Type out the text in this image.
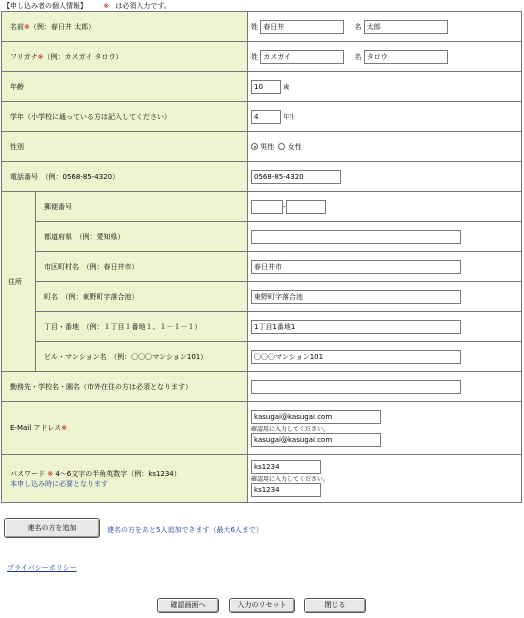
【申し込み者の個人情報】 ※ は必須入力です。
名前※（例：春日井 太郎）		姓 春日井 名 太郎
フリガナ※（例：カスガイ タロウ）		姓 カスガイ 名 タロウ
年齢		10 歳
学年（小学校に通っている方は記入してください）		4 年生
性別		男性 女性
電話番号　（例：0568-85-4320）		0568-85-4320
住所	郵便番号	-
	都道府県　（例：愛知県）	
	市区町村名　（例：春日井市）	春日井市
	町名　（例：東野町字落合池）	東野町字落合池
	丁目・番地　（例：１丁目１番地１、１－１－１）	1丁目1番地1
	ビル・マンション名　（例：〇〇〇マンション101）	〇〇〇マンション101
勤務先・学校名・園名（市外在住の方は必須となります）		
E-Mail アドレス※		kasugai@kasugai.com
確認用に入力してください。
kasugai@kasugai.com
パスワード ※ 4～6文字の半角英数字（例：ks1234）
本申し込み時に必要となります		ks1234
確認用に入力してください。
ks1234
連名の方を追加	連名の方をあと5人追加できます（最大6人まで）
プライバシーポリシー
確認画面へ	入力のリセット	閉じる
